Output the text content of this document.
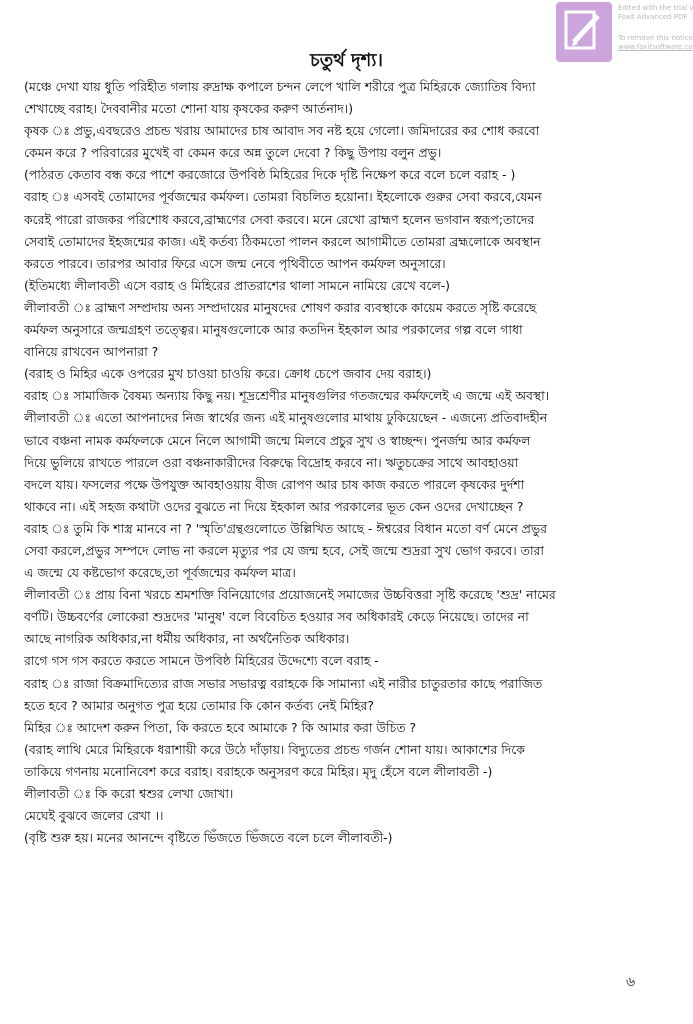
Edited with the trial v
Foxit Advanced PDF
To remove this notice
www.foxitsoftware.co
চতুর্থ দৃশ্য।
(মঞ্চে দেখা যায় ধুতি পরিহীত গলায় রুদ্রাক্ষ কপালে চন্দন লেপে খালি শরীরে পুত্র মিহিরকে জ্যোতিষ বিদ্যা
শেখাচ্ছে বরাহ। দৈববানীর মতো শোনা যায় কৃষকের করুণ আর্তনাদ।)
কৃষক ঃ প্রভু,এবছরেও প্রচন্ড খরায় আমাদের চাষ আবাদ সব নষ্ট হয়ে গেলো। জমিদারের কর শোধ করবো
কেমন করে ? পরিবারের মুখেই বা কেমন করে অন্ন তুলে দেবো ? কিছু উপায় বলুন প্রভু।
(পাঠরত কেতাব বন্ধ করে পাশে করজোরে উপবিষ্ঠ মিহিরের দিকে দৃষ্টি নিক্ষেপ করে বলে চলে বরাহ - )
বরাহ ঃ এসবই তোমাদের পূর্বজন্মের কর্মফল। তোমরা বিচলিত হয়োনা। ইহলোকে গুরুর সেবা করবে,যেমন
করেই পারো রাজকর পরিশোধ করবে,ব্রাহ্মণের সেবা করবে। মনে রেখো ব্রাহ্মণ হলেন ভগবান স্বরূপ;তাদের
সেবাই তোমাদের ইহজন্মের কাজ। এই কর্তব্য ঠিকমতো পালন করলে আগামীতে তোমরা ব্রহ্মলোকে অবস্থান
করতে পারবে। তারপর আবার ফিরে এসে জন্ম নেবে পৃথিবীতে আপন কর্মফল অনুসারে।
(ইতিমধ্যে লীলাবতী এসে বরাহ ও মিহিরের প্রাতরাশের থালা সামনে নামিয়ে রেখে বলে-)
লীলাবতী ঃ ব্রাহ্মণ সম্প্রদায় অন্য সম্প্রদায়ের মানুষদের শোষণ করার ব্যবস্থাকে কায়েম করতে সৃষ্টি করেছে
কর্মফল অনুসারে জন্মগ্রহণ তত্ত্বের। মানুষগুলোকে আর কতদিন ইহকাল আর পরকালের গল্প বলে গাধা
বানিয়ে রাখবেন আপনারা ?
(বরাহ ও মিহির একে ওপরের মুখ চাওয়া চাওয়ি করে। ক্রোধ চেপে জবাব দেয় বরাহ।)
বরাহ ঃ সামাজিক বৈষম্য অন্যায় কিছু নয়। শূদ্রশ্রেণীর মানুষগুলির গতজন্মের কর্মফলেই এ জন্মে এই অবস্থা।
লীলাবতী ঃ এতো আপনাদের নিজ স্বার্থের জন্য এই মানুষগুলোর মাথায় ঢুকিয়েছেন - এজন্যে প্রতিবাদহীন
ভাবে বঞ্চনা নামক কর্মফলকে মেনে নিলে আগামী জন্মে মিলবে প্রচুর সুখ ও স্বাচ্ছন্দ। পুনর্জন্ম আর কর্মফল
দিয়ে ভুলিয়ে রাখতে পারলে ওরা বঞ্চনাকারীদের বিরুদ্ধে বিদ্রোহ করবে না। ঋতুচক্রের সাথে আবহাওয়া
বদলে যায়। ফসলের পক্ষে উপযুক্ত আবহাওয়ায় বীজ রোপণ আর চাষ কাজ করতে পারলে কৃষকের দুর্দশা
থাকবে না। এই সহজ কথাটা ওদের বুঝতে না দিয়ে ইহকাল আর পরকালের ভূত কেন ওদের দেখাচ্ছেন ?
বরাহ ঃ তুমি কি শাস্ত্র মানবে না ? 'স্মৃতি'গ্রন্থগুলোতে উল্লিখিত আছে - ঈশ্বরের বিধান মতো বর্ণ মেনে প্রভুর
সেবা করলে,প্রভুর সম্পদে লোভ না করলে মৃত্যুর পর যে জন্ম হবে, সেই জন্মে শুদ্ররা সুখ ভোগ করবে। তারা
এ জন্মে যে কষ্টভোগ করেছে,তা পূর্বজন্মের কর্মফল মাত্র।
লীলাবতী ঃ প্রায় বিনা খরচে শ্রমশক্তি বিনিয়োগের প্রয়োজনেই সমাজের উচ্চবিত্তরা সৃষ্টি করেছে 'শুদ্র' নামের
বর্ণটি। উচ্চবর্ণের লোকেরা শুদ্রদের 'মানুষ' বলে বিবেচিত হওয়ার সব অধিকারই কেড়ে নিয়েছে। তাদের না
আছে নাগরিক অধিকার,না ধর্মীয় অধিকার, না অর্থনৈতিক অধিকার।
রাগে গস গস করতে করতে সামনে উপবিষ্ঠ মিহিরের উদ্দেশ্যে বলে বরাহ -
বরাহ ঃ রাজা বিক্রমাদিত্যের রাজ সভার সভারত্ন বরাহকে কি সামান্যা এই নারীর চাতুরতার কাছে পরাজিত
হতে হবে ? আমার অনুগত পুত্র হয়ে তোমার কি কোন কর্তব্য নেই মিহির?
মিহির ঃ আদেশ করুন পিতা, কি করতে হবে আমাকে ? কি আমার করা উচিত ?
(বরাহ লাথি মেরে মিহিরকে ধরাশায়ী করে উঠে দাঁড়ায়। বিদ্যুতের প্রচন্ড গর্জন শোনা যায়। আকাশের দিকে
তাকিয়ে গণনায় মনোনিবেশ করে বরাহ। বরাহকে অনুসরণ করে মিহির। মৃদু হেঁসে বলে লীলাবতী -)
লীলাবতী ঃ কি করো শ্বশুর লেখা জোখা।
মেঘেই বুঝবে জলের রেখা ।।
(বৃষ্টি শুরু হয়। মনের আনন্দে বৃষ্টিতে ভিঁজতে ভিঁজতে বলে চলে লীলাবতী-)
৬
